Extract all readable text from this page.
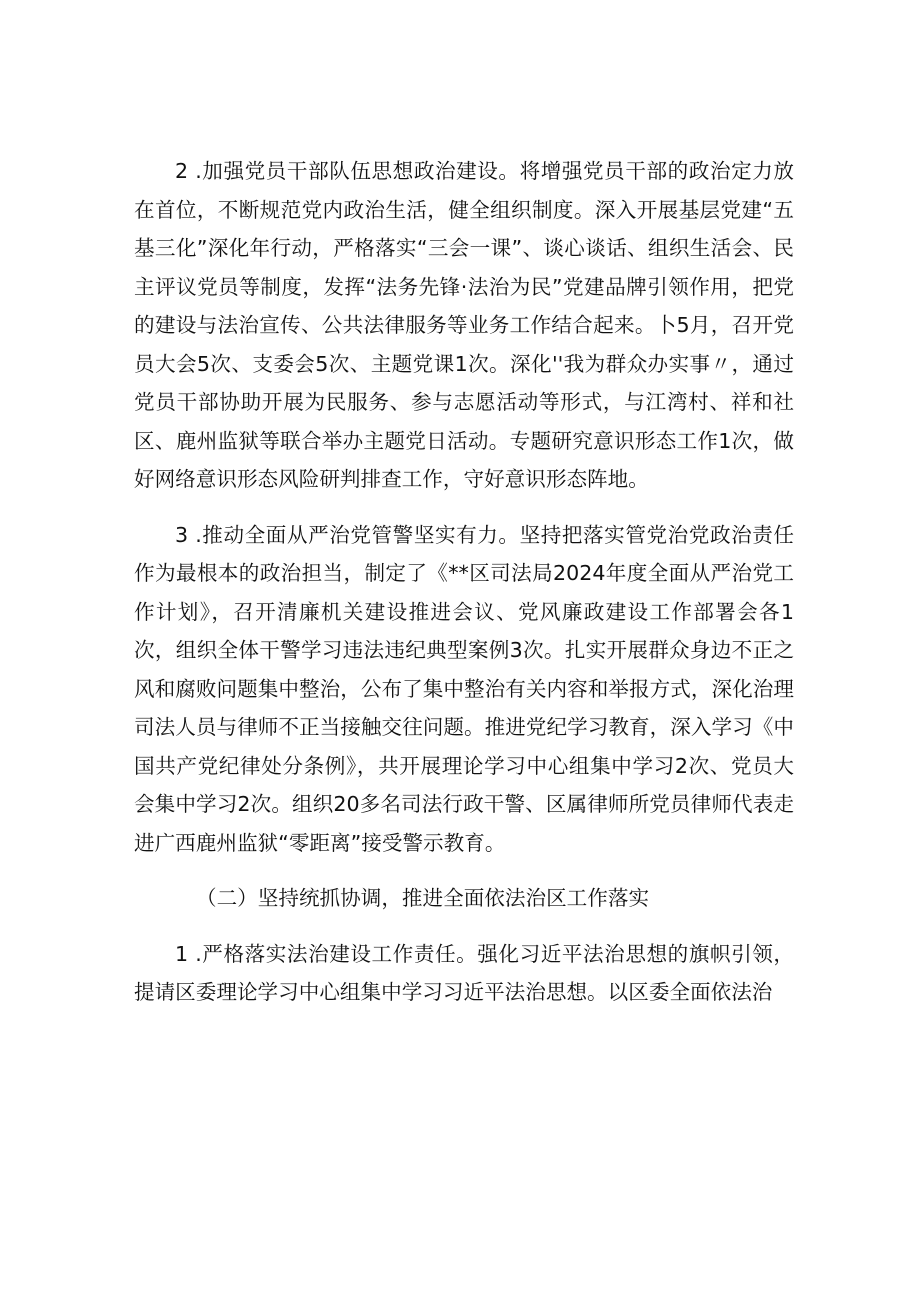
2 .加强党员干部队伍思想政治建设。将增强党员干部的政治定力放在首位，不断规范党内政治生活，健全组织制度。深入开展基层党建“五基三化”深化年行动，严格落实“三会一课”、谈心谈话、组织生活会、民主评议党员等制度，发挥“法务先锋·法治为民”党建品牌引领作用，把党的建设与法治宣传、公共法律服务等业务工作结合起来。卜5月，召开党员大会5次、支委会5次、主题党课1次。深化''我为群众办实事〃，通过党员干部协助开展为民服务、参与志愿活动等形式，与江湾村、祥和社区、鹿州监狱等联合举办主题党日活动。专题研究意识形态工作1次，做好网络意识形态风险研判排查工作，守好意识形态阵地。

3 .推动全面从严治党管警坚实有力。坚持把落实管党治党政治责任作为最根本的政治担当，制定了《**区司法局2024年度全面从严治党工作计划》，召开清廉机关建设推进会议、党风廉政建设工作部署会各1次，组织全体干警学习违法违纪典型案例3次。扎实开展群众身边不正之风和腐败问题集中整治，公布了集中整治有关内容和举报方式，深化治理司法人员与律师不正当接触交往问题。推进党纪学习教育，深入学习《中国共产党纪律处分条例》，共开展理论学习中心组集中学习2次、党员大会集中学习2次。组织20多名司法行政干警、区属律师所党员律师代表走进广西鹿州监狱“零距离”接受警示教育。

（二）坚持统抓协调，推进全面依法治区工作落实

1 .严格落实法治建设工作责任。强化习近平法治思想的旗帜引领，提请区委理论学习中心组集中学习习近平法治思想。以区委全面依法治
